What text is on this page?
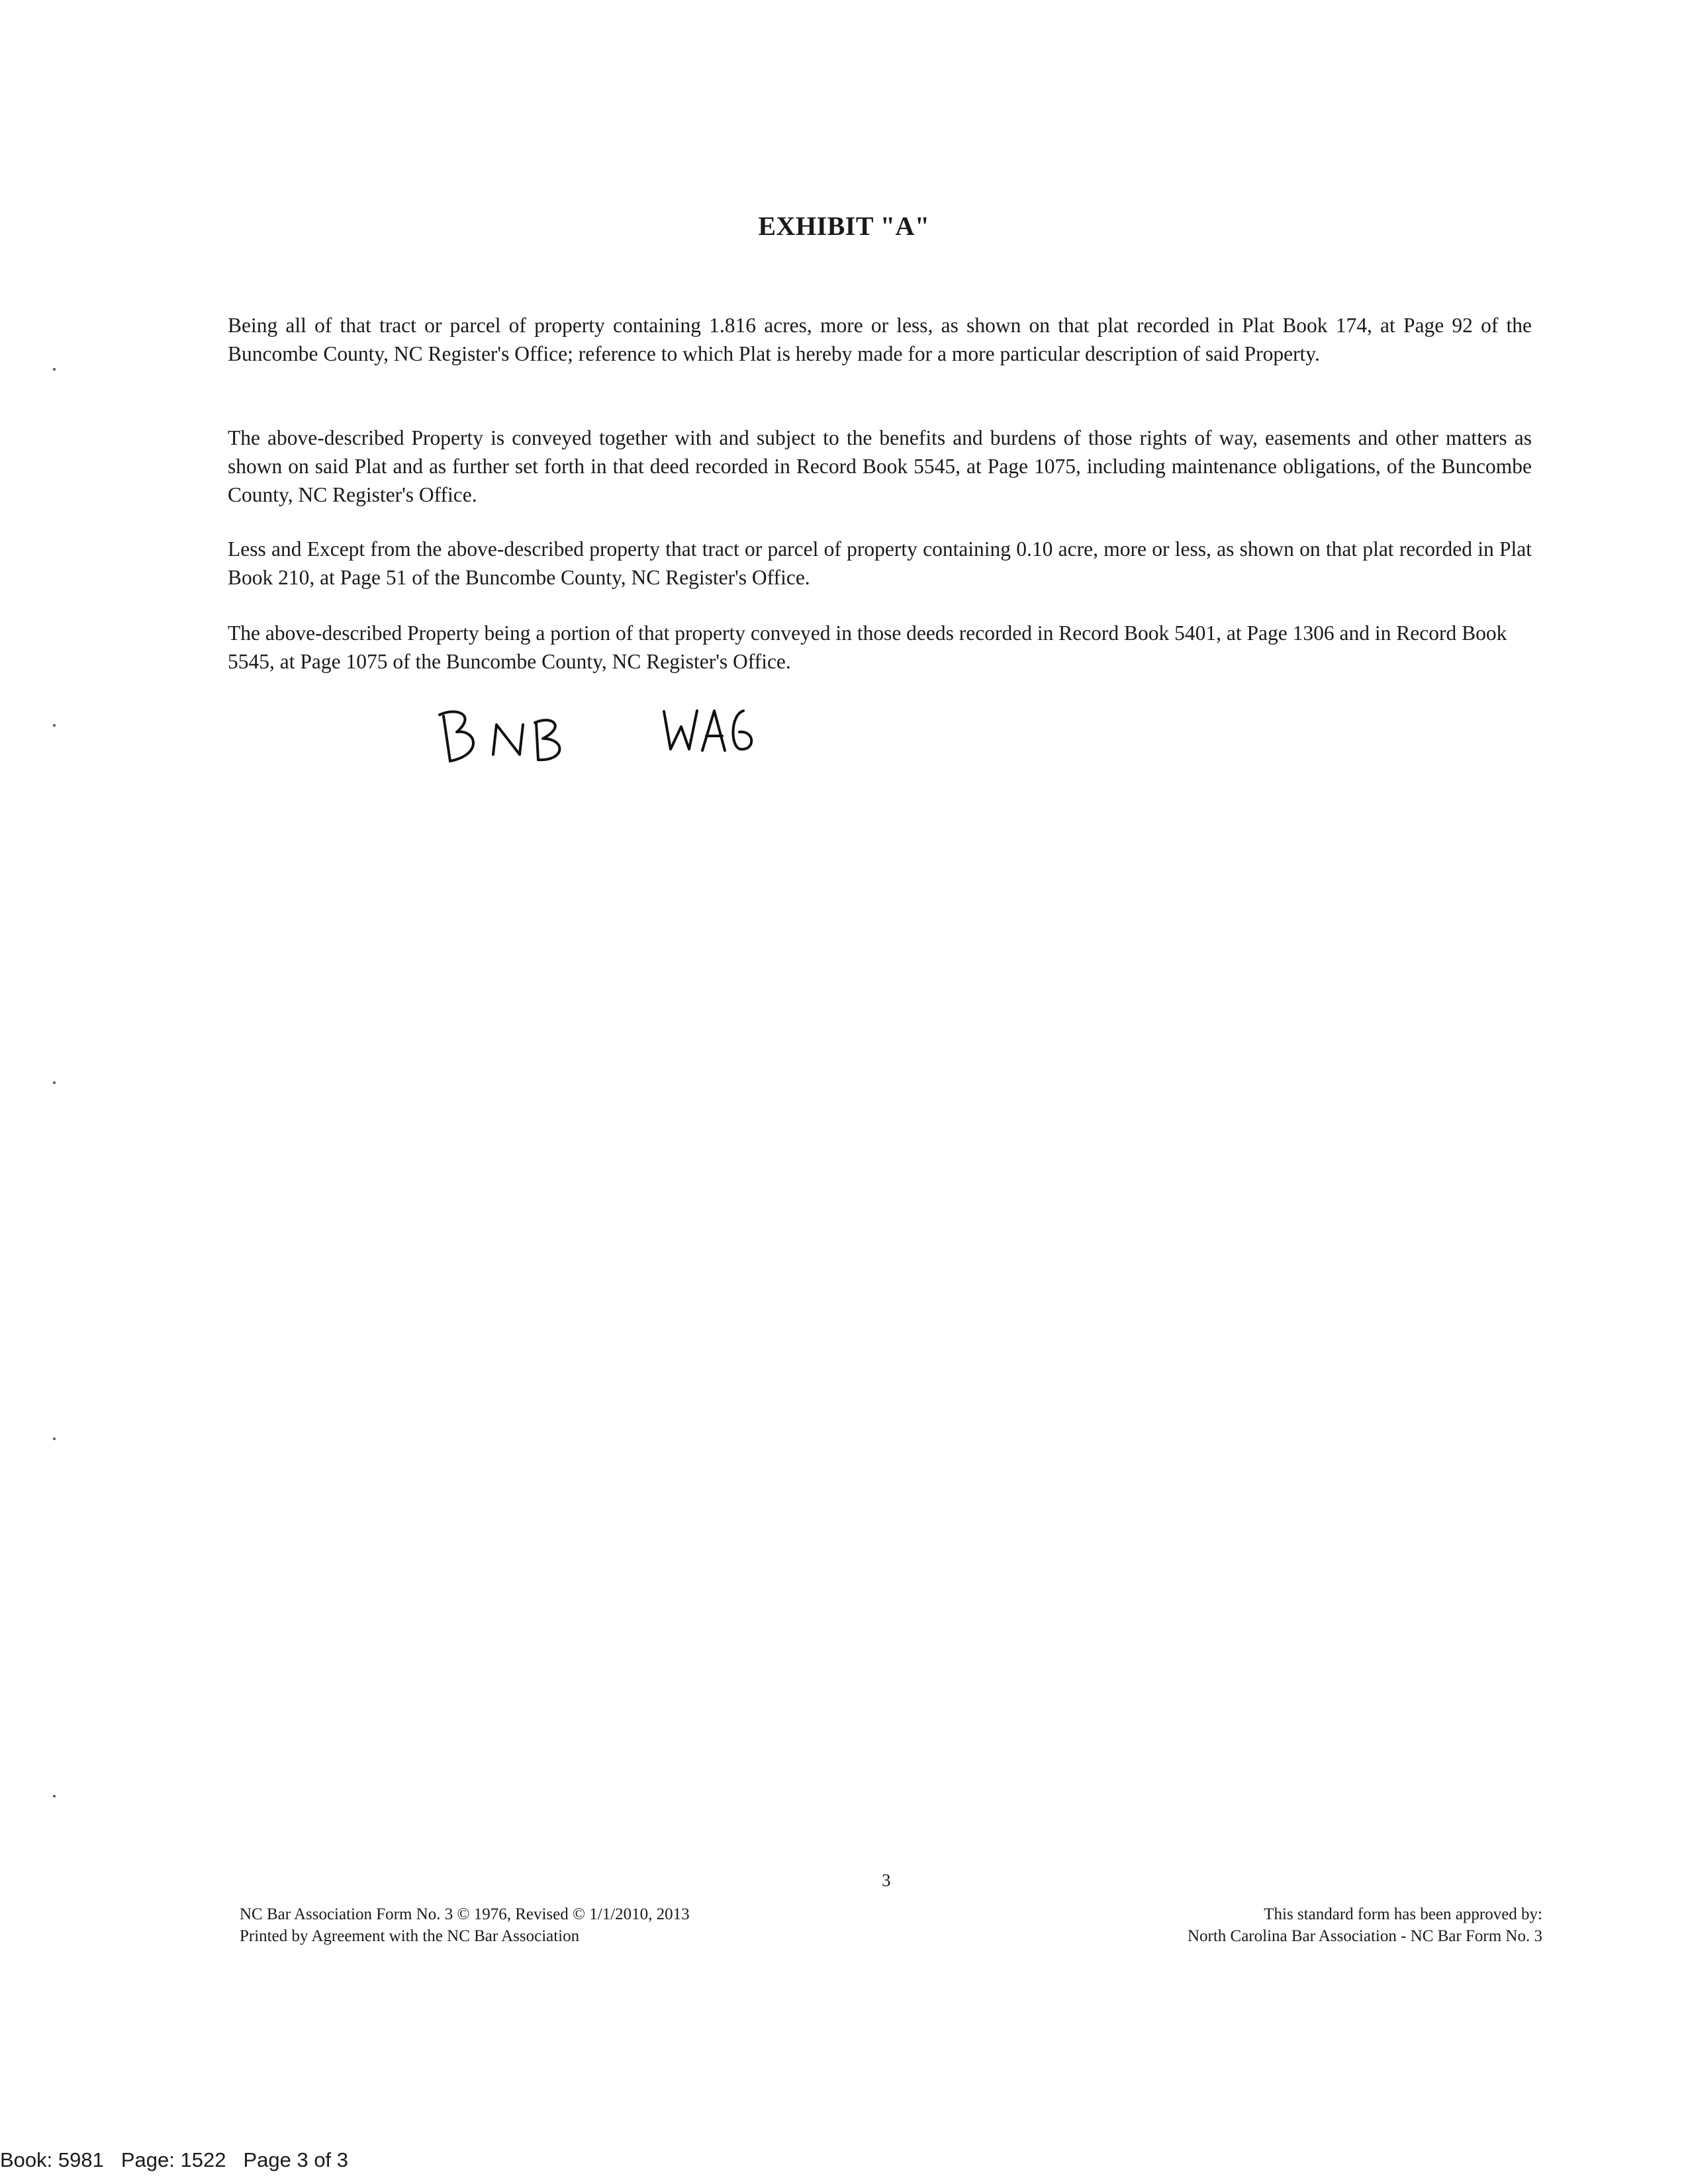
EXHIBIT "A"
Being all of that tract or parcel of property containing 1.816 acres, more or less, as shown on that plat recorded in Plat Book 174, at Page 92 of the Buncombe County, NC Register's Office; reference to which Plat is hereby made for a more particular description of said Property.
The above-described Property is conveyed together with and subject to the benefits and burdens of those rights of way, easements and other matters as shown on said Plat and as further set forth in that deed recorded in Record Book 5545, at Page 1075, including maintenance obligations, of the Buncombe County, NC Register's Office.
Less and Except from the above-described property that tract or parcel of property containing 0.10 acre, more or less, as shown on that plat recorded in Plat Book 210, at Page 51 of the Buncombe County, NC Register's Office.
The above-described Property being a portion of that property conveyed in those deeds recorded in Record Book 5401, at Page 1306 and in Record Book 5545, at Page 1075 of the Buncombe County, NC Register's Office.
3
NC Bar Association Form No. 3 © 1976, Revised © 1/1/2010, 2013
Printed by Agreement with the NC Bar Association
This standard form has been approved by:
North Carolina Bar Association - NC Bar Form No. 3
Book: 5981 Page: 1522 Page 3 of 3
